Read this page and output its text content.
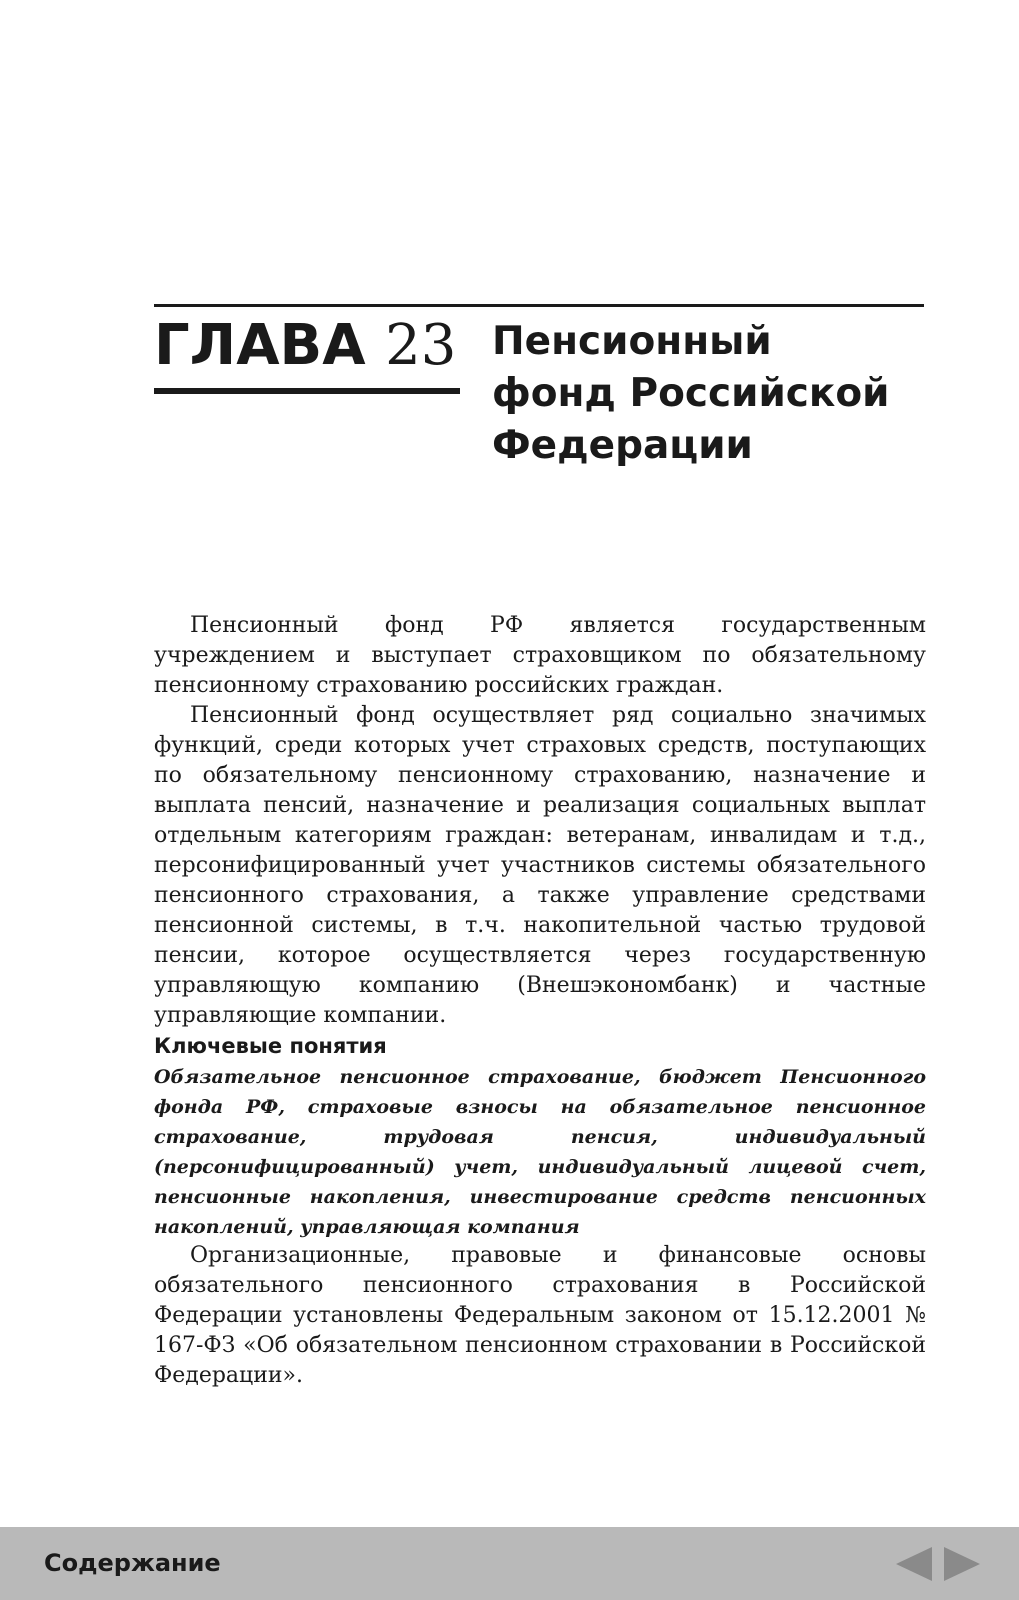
ГЛАВА 23 Пенсионный
фонд Российской
Федерации

Пенсионный фонд РФ является государственным учреждением и выступает страховщиком по обязательному пенсионному страхованию российских граждан.

Пенсионный фонд осуществляет ряд социально значимых функций, среди которых учет страховых средств, поступающих по обязательному пенсионному страхованию, назначение и выплата пенсий, назначение и реализация социальных выплат отдельным категориям граждан: ветеранам, инвалидам и т.д., персонифицированный учет участников системы обязательного пенсионного страхования, а также управление средствами пенсионной системы, в т.ч. накопительной частью трудовой пенсии, которое осуществляется через государственную управляющую компанию (Внешэкономбанк) и частные управляющие компании.

Ключевые понятия

Обязательное пенсионное страхование, бюджет Пенсионного фонда РФ, страховые взносы на обязательное пенсионное страхование, трудовая пенсия, индивидуальный (персонифицированный) учет, индивидуальный лицевой счет, пенсионные накопления, инвестирование средств пенсионных накоплений, управляющая компания

Организационные, правовые и финансовые основы обязательного пенсионного страхования в Российской Федерации установлены Федеральным законом от 15.12.2001 № 167-ФЗ «Об обязательном пенсионном страховании в Российской Федерации».

Содержание
